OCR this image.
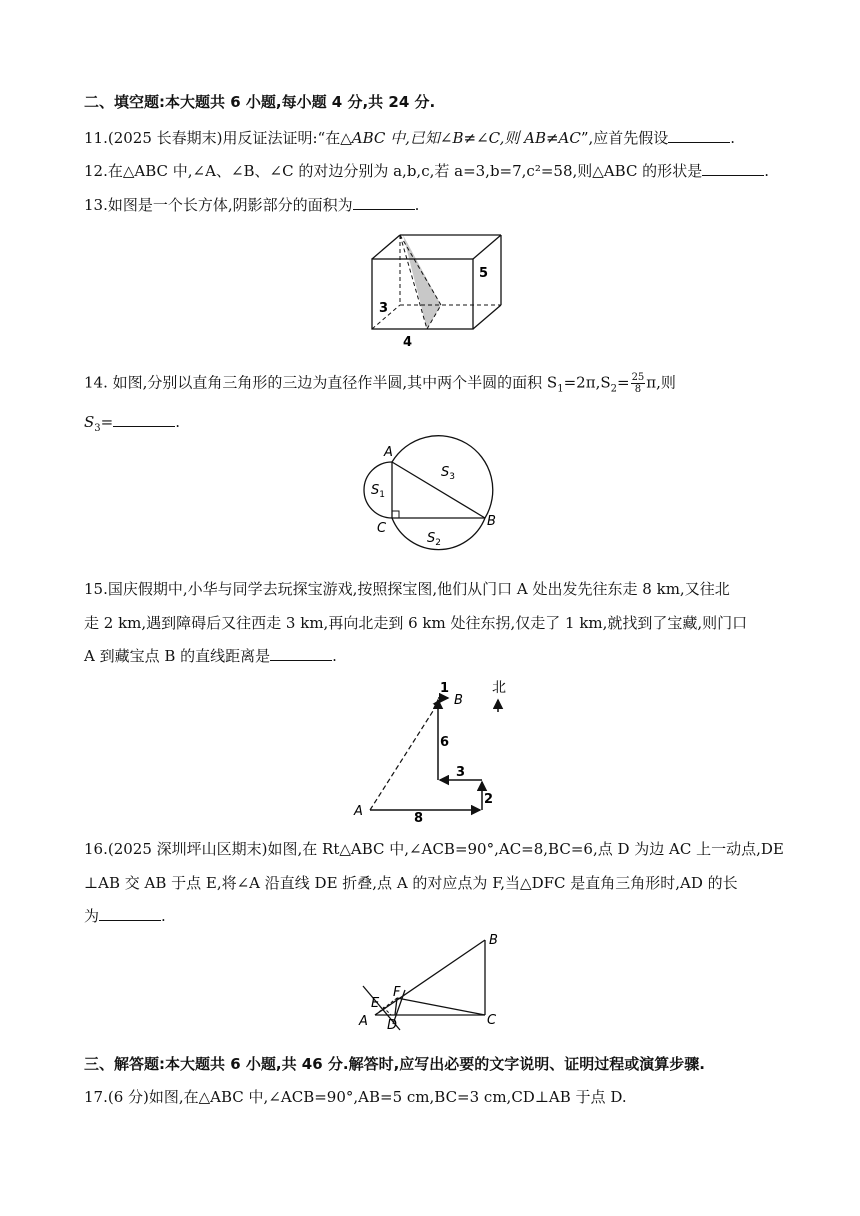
二、填空题:本大题共 6 小题,每小题 4 分,共 24 分.
11.(2025 长春期末)用反证法证明:“在△ABC 中,已知∠B≠∠C,则 AB≠AC”,应首先假设	.
12.在△ABC 中,∠A、∠B、∠C 的对边分别为 a,b,c,若 a=3,b=7,c²=58,则△ABC 的形状是	.
13.如图是一个长方体,阴影部分的面积为	.
5
4
3
14. 如图,分别以直角三角形的三边为直径作半圆,其中两个半圆的面积 $S_1=2\pi,S_2= \frac{25}{8} \pi$,则
$S_3=$	.
A
B
C
$S_1$
$S_2$
$S_3$
15.国庆假期中,小华与同学去玩探宝游戏,按照探宝图,他们从门口 A 处出发先往东走 8 km,又往北
走 2 km,遇到障碍后又往西走 3 km,再向北走到 6 km 处往东拐,仅走了 1 km,就找到了宝藏,则门口
A 到藏宝点 B 的直线距离是	.
北
1
B
6
3
2
8
A
16.(2025 深圳坪山区期末)如图,在 Rt△ABC 中,∠ACB=90°,AC=8,BC=6,点 D 为边 AC 上一动点,DE
⊥AB 交 AB 于点 E,将∠A 沿直线 DE 折叠,点 A 的对应点为 F,当△DFC 是直角三角形时,AD 的长
为	.
B
C
A D
E
F
三、解答题:本大题共 6 小题,共 46 分.解答时,应写出必要的文字说明、证明过程或演算步骤.
17.(6 分)如图,在△ABC 中,∠ACB=90°,AB=5 cm,BC=3 cm,CD⊥AB 于点 D.
